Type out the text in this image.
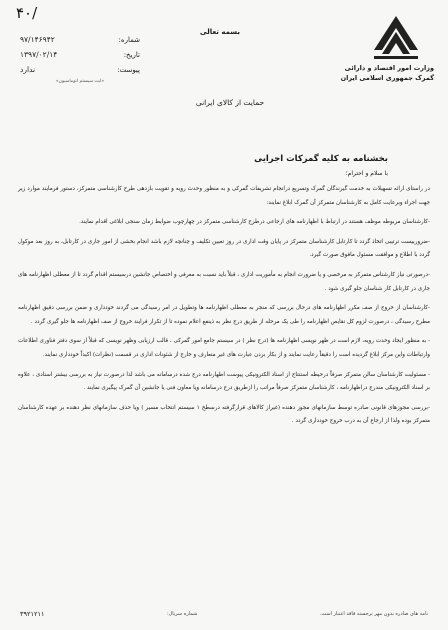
۴۰/
بسمه تعالی
وزارت امور اقتصاد و دارائی
گمرک جمهوری اسلامی ایران
شماره:
۹۷/۱۴۶۹۴۲
تاریخ:
۱۳۹۷/۰۲/۱۴
پیوست:
ندارد
«ایت سیستم اتوماسیون»
حمایت از کالای ایرانی
بخشنامه به کلیه گمرکات اجرایی
با سلام و احترام؛

در راستای ارائه تسهیلات به خدمت گیرندگان گمرک وتسریع درانجام تشریفات گمرکی و به منظور وحدت رویه و تقویت بازدهی طرح کارشناسی متمرکز، دستور فرمایند موارد زیر جهت اجراء وبرعایت کامل به کارشناسان متمرکز آن گمرک ابلاغ نمایند:

-کارشناسان مربوطه موظف هستند در ارتباط با اظهارنامه های ارجاعی درطرح کارشناسی متمرکز در چهارچوب ضوابط زمان سنجی ابلاغی اقدام نمایند.

-ضرورییست ترتیبی اتخاذ گردد تا کارتابل کارشناسان متمرکز در پایان وقت اداری در روز تعیین تکلیف و چنانچه لازم باشد انجام بخشی از امور جاری در کارتابل، به روز بعد موکول گردد با اطلاع و موافقت مسئول مافوق صورت گیرد.

-درصورتی نیاز کارشناس متمرکز به مرخصی و یا ضرورت انجام به مأموریت اداری ، قبلاً باید نسبت به معرفی و اختصاص جانشین درسیستم اقدام گردد تا از معطلی اظهارنامه های جاری در کارتابل کار شناسان جلو گیری شود .

-کارشناسان از خروج از صف مکرر اظهارنامه های درحال بررسی که منجر به معطلی اظهارنامه ها وتطویل در امر رسیدگی می گردند خودداری و ضمن بررسی دقیق اظهارنامه مطرح رسیدگی ، درصورت لزوم کل نقایص اظهارنامه را طی یک مرحله از طریق درج نظر به ذینفع اعلام نموده تا از تکرار فرایند خروج از صف اظهارنامه ها جلو گیری گردد .

- به منظور ایجاد وحدت رویه، لازم است در ظهر نویسی اظهارنامه ها (درج نظر ) در سیستم جامع امور گمرکی ، قالب ارزیابی وظهر نویسی که قبلاً از سوی دفتر فناوری اطلاعات وارتباطات واین مرکز ابلاغ گردیده است را دقیقاً رعایت نمایند و از بکار بردن عبارت های غیر متعارف و خارج از شئونات اداری در قسمت (نظرات) اکیداً خودداری نمایند.

- مسئولیت کارشناسان سالن متمرکز صرفاً درحیطه استنتاج از اسناد الکترونیکی پیوست اظهارنامه درج شده درسامانه می باشد لذا درصورت نیاز به بررسی بیشتر اسنادی ، علاوه بر اسناد الکترونیکی مندرج دراظهارنامه ، کارشناسان متمرکز صرفاً مراتب را ازطریق درج درسامانه ویا معاون فنی یا جانشین آن گمرک پیگیری نمایند .

-بررسی مجوزهای قانونی صادره توسط سازمانهای مجوز دهنده (غیراز کالاهای قرارگرفته درسطح ۱ سیستم انتخاب مسیر ) ویا حذف سازمانهای نظر دهنده بر عهده کارشناسان متمرکز بوده ولذا از ارجاع آن به درب خروج خودداری گردد .

نامه های صادره بدون مهر برجسته فاقد اعتبار است.
شماره سریال:
۳۹۲۱۲۱۱
